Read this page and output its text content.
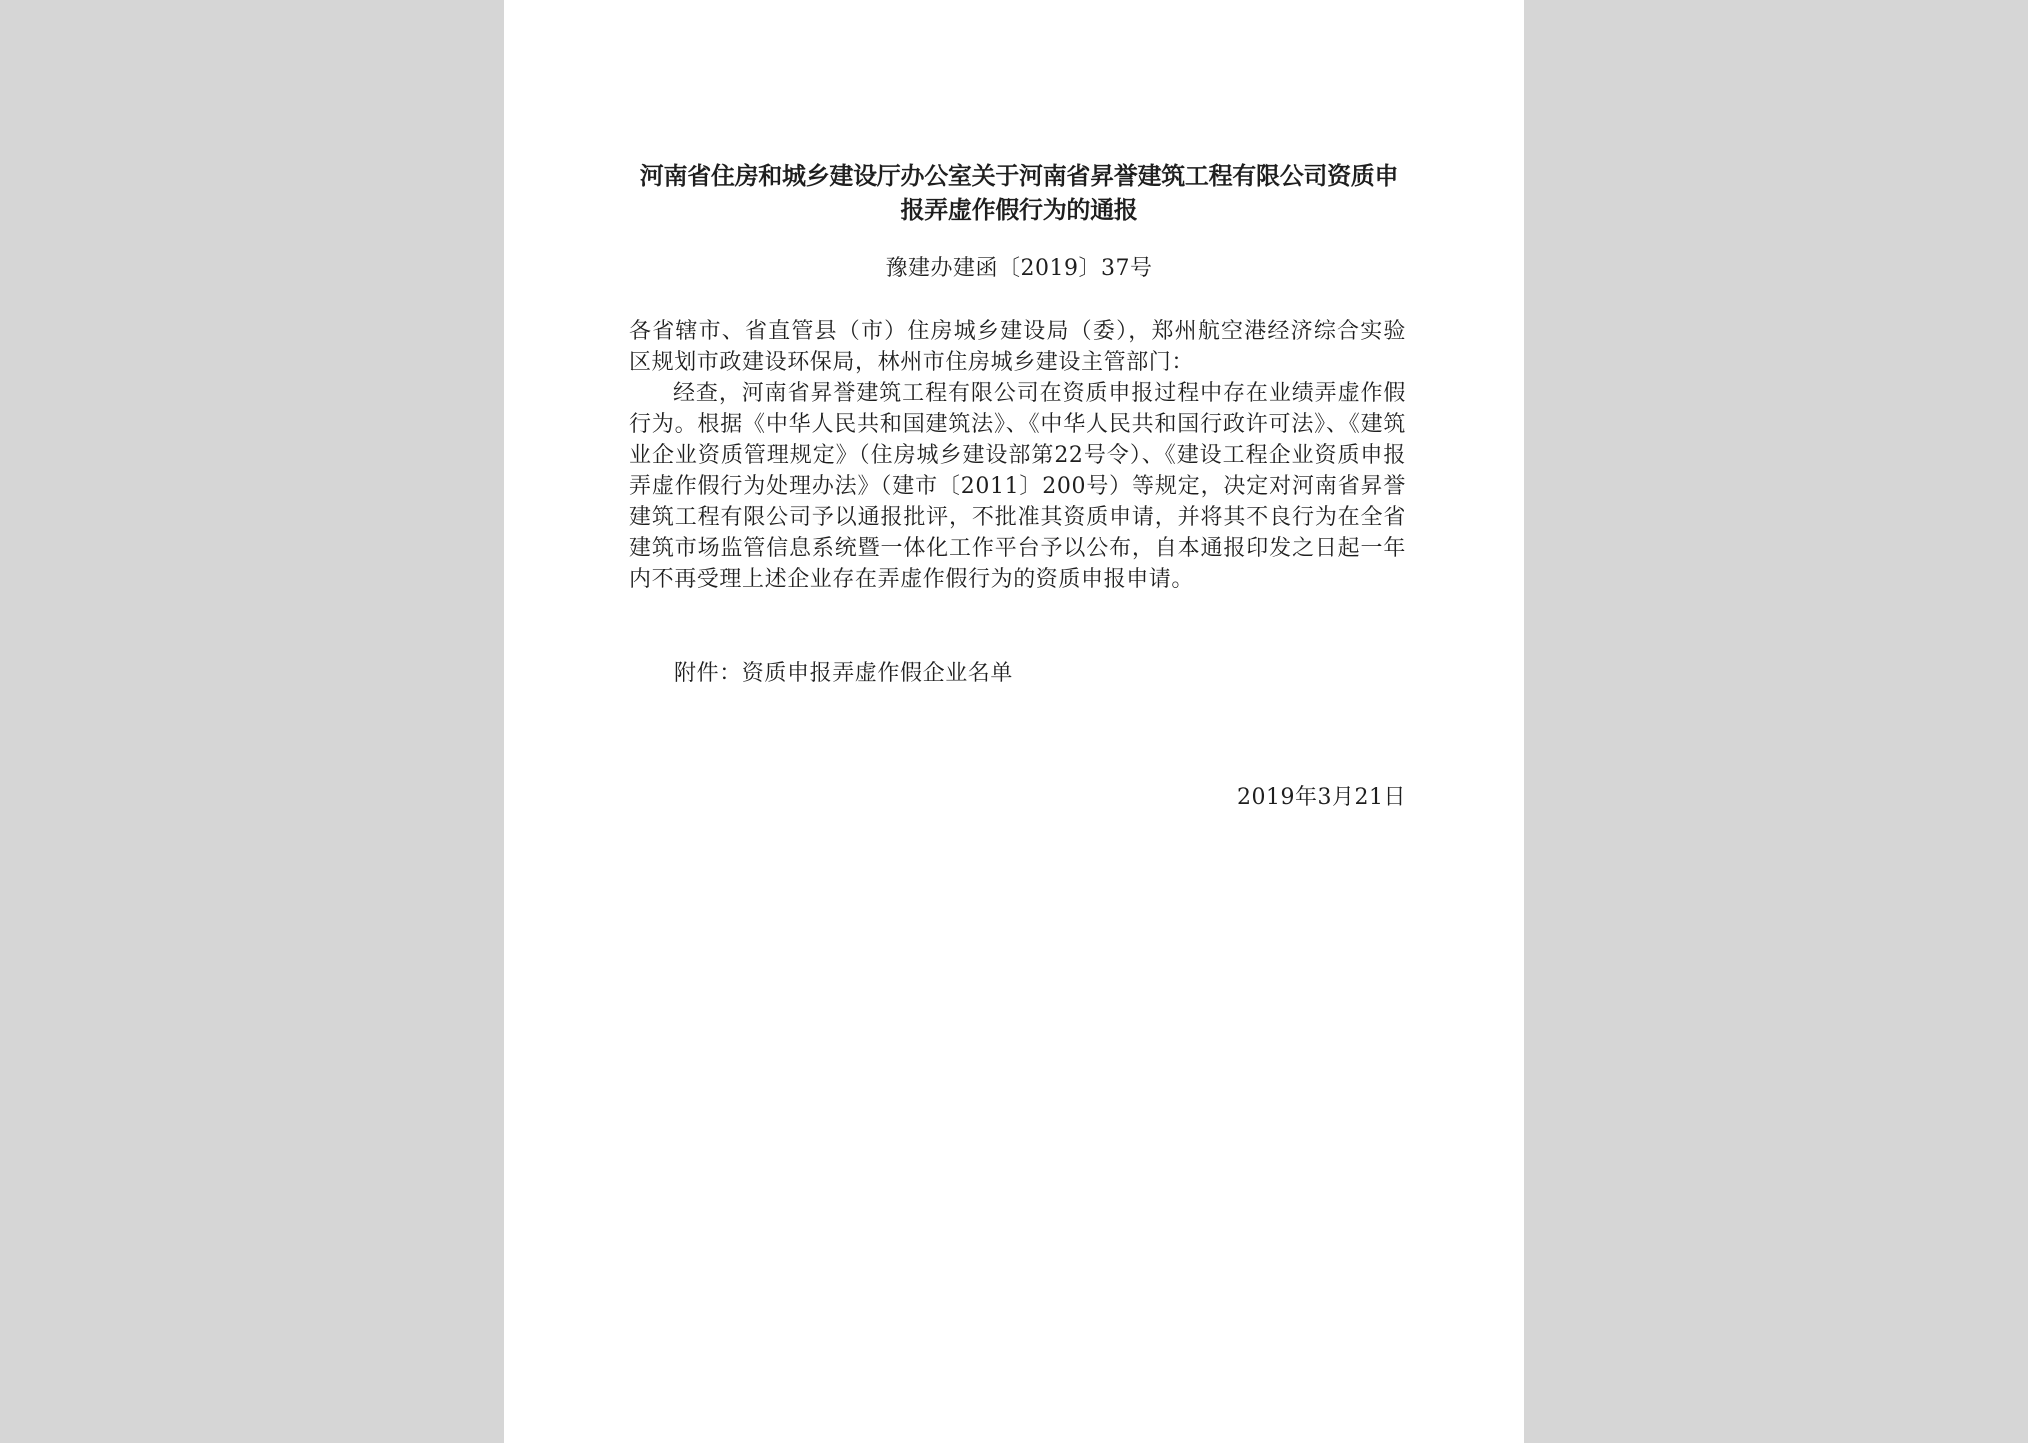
河南省住房和城乡建设厅办公室关于河南省昇誉建筑工程有限公司资质申报弄虚作假行为的通报
豫建办建函〔2019〕37号

各省辖市、省直管县（市）住房城乡建设局（委），郑州航空港经济综合实验区规划市政建设环保局，林州市住房城乡建设主管部门：

经查，河南省昇誉建筑工程有限公司在资质申报过程中存在业绩弄虚作假行为。根据《中华人民共和国建筑法》、《中华人民共和国行政许可法》、《建筑业企业资质管理规定》（住房城乡建设部第22号令）、《建设工程企业资质申报弄虚作假行为处理办法》（建市〔2011〕200号）等规定，决定对河南省昇誉建筑工程有限公司予以通报批评，不批准其资质申请，并将其不良行为在全省建筑市场监管信息系统暨一体化工作平台予以公布，自本通报印发之日起一年内不再受理上述企业存在弄虚作假行为的资质申报申请。

附件：资质申报弄虚作假企业名单
2019年3月21日
